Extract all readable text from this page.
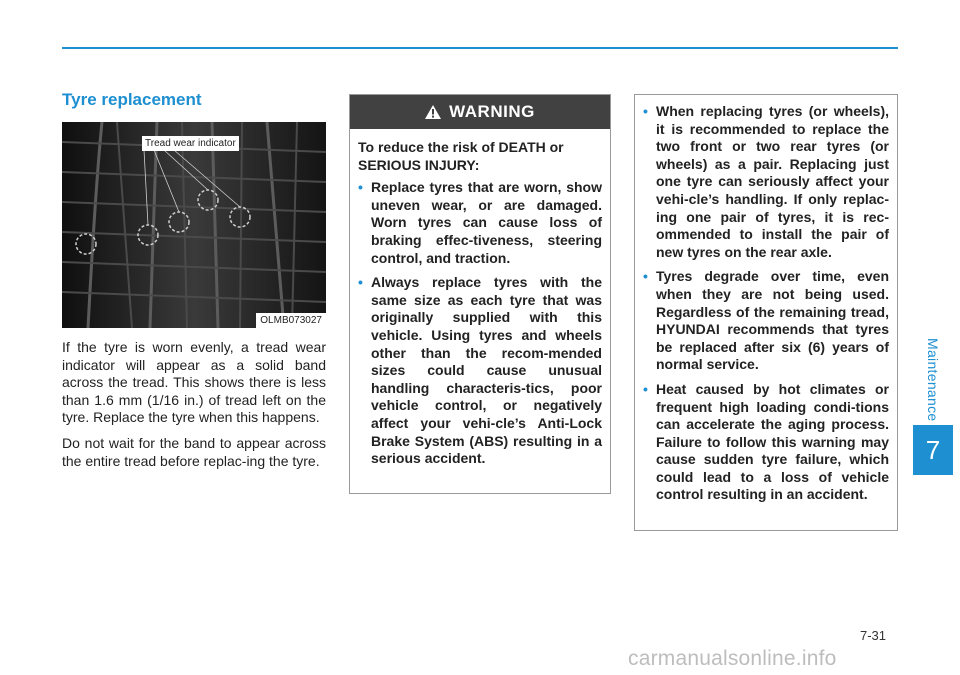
Maintenance
7
Tyre replacement
Tread wear indicator
OLMB073027

If the tyre is worn evenly, a tread wear indicator will appear as a solid band across the tread. This shows there is less than 1.6 mm (1/16 in.) of tread left on the tyre. Replace the tyre when this happens.

Do not wait for the band to appear across the entire tread before replac-ing the tyre.

WARNING

To reduce the risk of DEATH or SERIOUS INJURY:

• Replace tyres that are worn, show uneven wear, or are damaged. Worn tyres can cause loss of braking effec-tiveness, steering control, and traction.
• Always replace tyres with the same size as each tyre that was originally supplied with this vehicle. Using tyres and wheels other than the recom-mended sizes could cause unusual handling characteris-tics, poor vehicle control, or negatively affect your vehi-cle’s Anti-Lock Brake System (ABS) resulting in a serious accident.
• When replacing tyres (or wheels), it is recommended to replace the two front or two rear tyres (or wheels) as a pair. Replacing just one tyre can seriously affect your vehi-cle’s handling. If only replac-ing one pair of tyres, it is rec-ommended to install the pair of new tyres on the rear axle.
• Tyres degrade over time, even when they are not being used. Regardless of the remaining tread, HYUNDAI recommends that tyres be replaced after six (6) years of normal service.
• Heat caused by hot climates or frequent high loading condi-tions can accelerate the aging process. Failure to follow this warning may cause sudden tyre failure, which could lead to a loss of vehicle control resulting in an accident.
7-31
carmanualsonline.info
